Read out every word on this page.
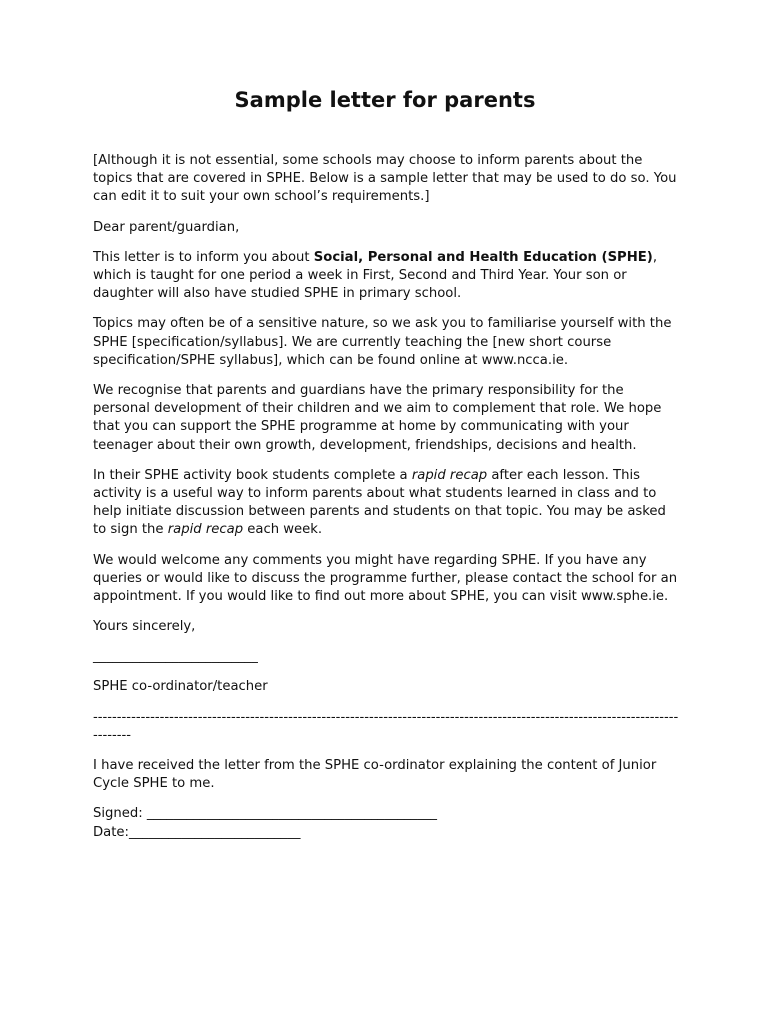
Sample letter for parents

[Although it is not essential, some schools may choose to inform parents about the topics that are covered in SPHE. Below is a sample letter that may be used to do so. You can edit it to suit your own school’s requirements.]

Dear parent/guardian,

This letter is to inform you about Social, Personal and Health Education (SPHE), which is taught for one period a week in First, Second and Third Year. Your son or daughter will also have studied SPHE in primary school.

Topics may often be of a sensitive nature, so we ask you to familiarise yourself with the SPHE [specification/syllabus]. We are currently teaching the [new short course specification/SPHE syllabus], which can be found online at www.ncca.ie.

We recognise that parents and guardians have the primary responsibility for the personal development of their children and we aim to complement that role. We hope that you can support the SPHE programme at home by communicating with your teenager about their own growth, development, friendships, decisions and health.

In their SPHE activity book students complete a rapid recap after each lesson. This activity is a useful way to inform parents about what students learned in class and to help initiate discussion between parents and students on that topic. You may be asked to sign the rapid recap each week.

We would welcome any comments you might have regarding SPHE. If you have any queries or would like to discuss the programme further, please contact the school for an appointment. If you would like to find out more about SPHE, you can visit www.sphe.ie.

Yours sincerely,

_________________________

SPHE co-ordinator/teacher

-----------------------------------------------------------------------------------------------------------------------------------

I have received the letter from the SPHE co-ordinator explaining the content of Junior Cycle SPHE to me.

Signed: ____________________________________________

Date:__________________________
